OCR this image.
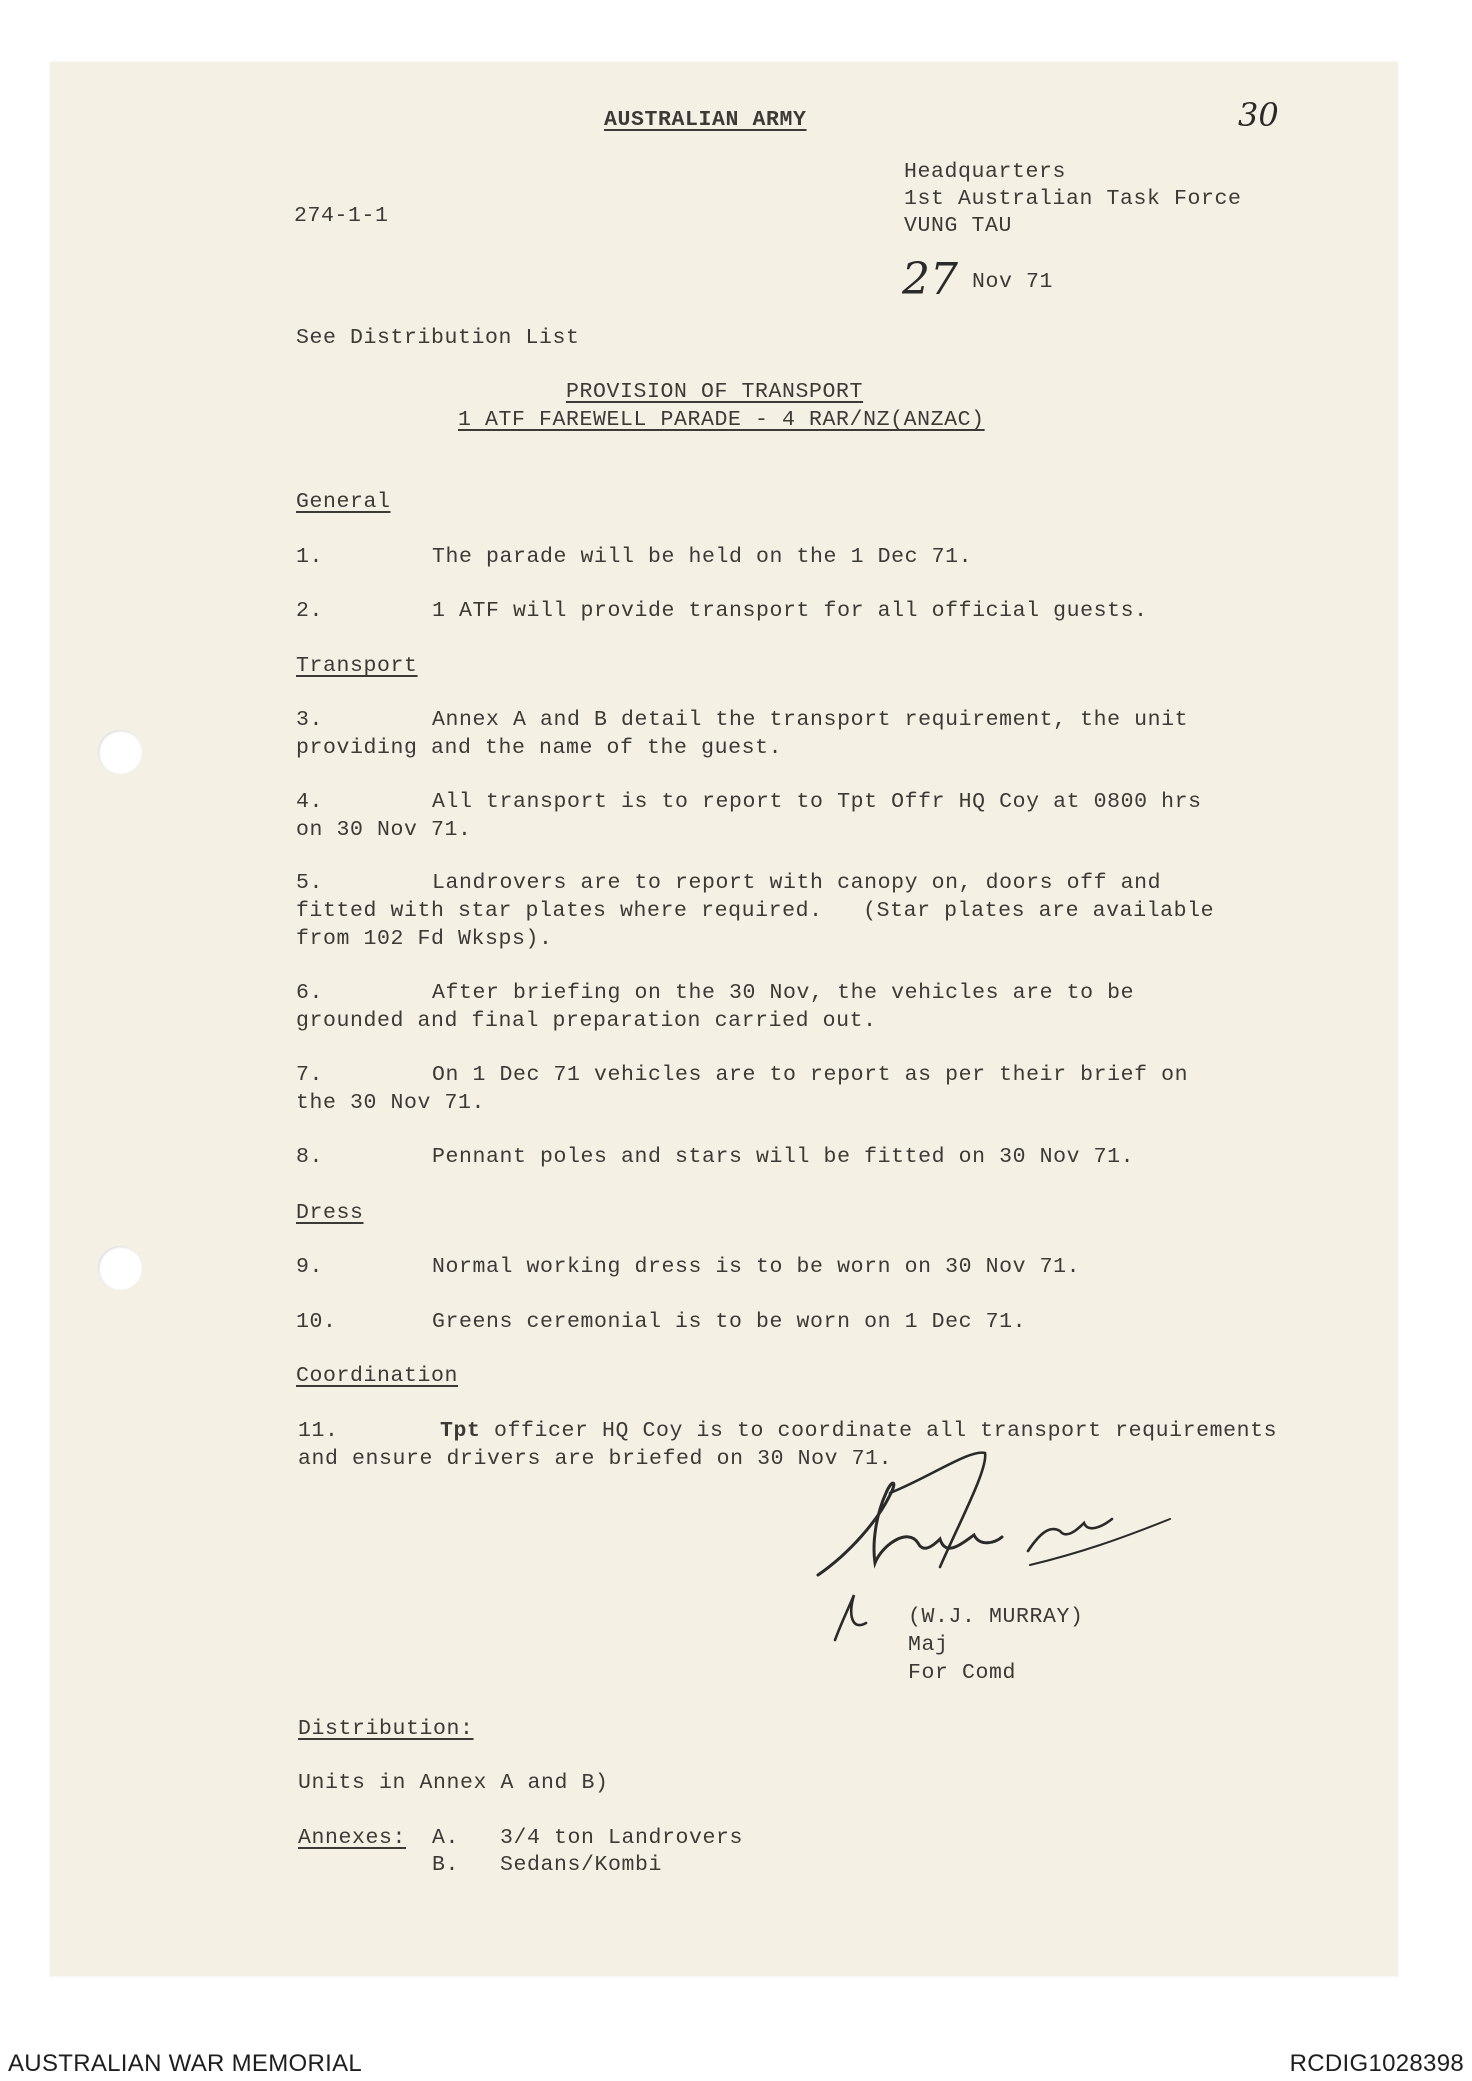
AUSTRALIAN ARMY	30
274-1-1
Headquarters
1st Australian Task Force
VUNG TAU
27 Nov 71
See Distribution List
PROVISION OF TRANSPORT
1 ATF FAREWELL PARADE - 4 RAR/NZ(ANZAC)
General
1.	The parade will be held on the 1 Dec 71.
2.	1 ATF will provide transport for all official guests.
Transport
3.	Annex A and B detail the transport requirement, the unit
providing and the name of the guest.
4.	All transport is to report to Tpt Offr HQ Coy at 0800 hrs
on 30 Nov 71.
5.	Landrovers are to report with canopy on, doors off and
fitted with star plates where required.   (Star plates are available
from 102 Fd Wksps).
6.	After briefing on the 30 Nov, the vehicles are to be
grounded and final preparation carried out.
7.	On 1 Dec 71 vehicles are to report as per their brief on
the 30 Nov 71.
8.	Pennant poles and stars will be fitted on 30 Nov 71.
Dress
9.	Normal working dress is to be worn on 30 Nov 71.
10.	Greens ceremonial is to be worn on 1 Dec 71.
Coordination
11.	Tpt officer HQ Coy is to coordinate all transport requirements
and ensure drivers are briefed on 30 Nov 71.
(W.J. MURRAY)
Maj
For Comd
Distribution:
Units in Annex A and B)
Annexes: A. 3/4 ton Landrovers
B. Sedans/Kombi
AUSTRALIAN WAR MEMORIAL	RCDIG1028398
